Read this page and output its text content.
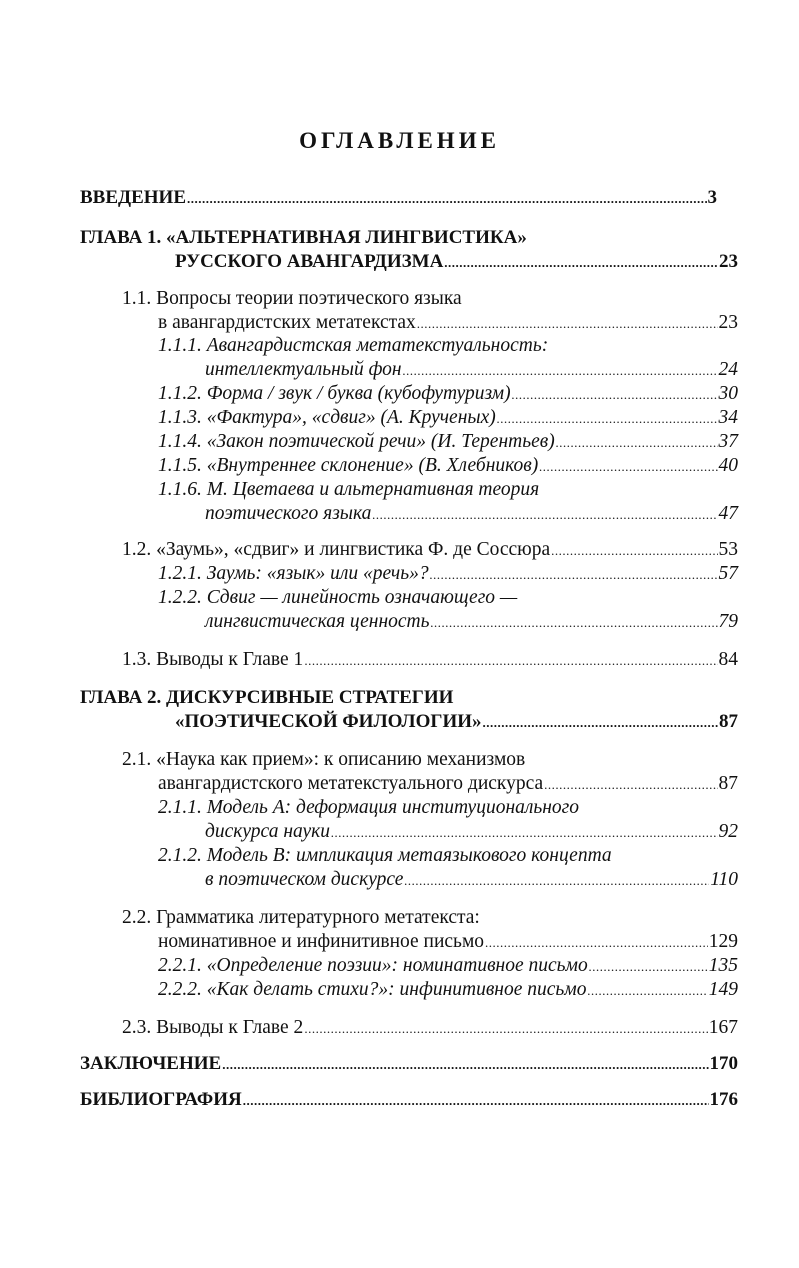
ОГЛАВЛЕНИЕ
ВВЕДЕНИЕ .....	3
ГЛАВА 1. «АЛЬТЕРНАТИВНАЯ ЛИНГВИСТИКА»
РУССКОГО АВАНГАРДИЗМА .....	23
1.1. Вопросы теории поэтического языка
в авангардистских метатекстах .....	23
1.1.1. Авангардистская метатекстуальность:
интеллектуальный фон .....	24
1.1.2. Форма / звук / буква (кубофутуризм) .....	30
1.1.3. «Фактура», «сдвиг» (А. Крученых) .....	34
1.1.4. «Закон поэтической речи» (И. Терентьев) .....	37
1.1.5. «Внутреннее склонение» (В. Хлебников) .....	40
1.1.6. М. Цветаева и альтернативная теория
поэтического языка .....	47
1.2. «Заумь», «сдвиг» и лингвистика Ф. де Соссюра .....	53
1.2.1. Заумь: «язык» или «речь»? .....	57
1.2.2. Сдвиг — линейность означающего —
лингвистическая ценность .....	79
1.3. Выводы к Главе 1 .....	84
ГЛАВА 2. ДИСКУРСИВНЫЕ СТРАТЕГИИ
«ПОЭТИЧЕСКОЙ ФИЛОЛОГИИ» .....	87
2.1. «Наука как прием»: к описанию механизмов
авангардистского метатекстуального дискурса .....	87
2.1.1. Модель А: деформация институционального
дискурса науки .....	92
2.1.2. Модель B: импликация метаязыкового концепта
в поэтическом дискурсе .....	110
2.2. Грамматика литературного метатекста:
номинативное и инфинитивное письмо .....	129
2.2.1. «Определение поэзии»: номинативное письмо .....	135
2.2.2. «Как делать стихи?»: инфинитивное письмо .....	149
2.3. Выводы к Главе 2 .....	167
ЗАКЛЮЧЕНИЕ .....	170
БИБЛИОГРАФИЯ .....	176
